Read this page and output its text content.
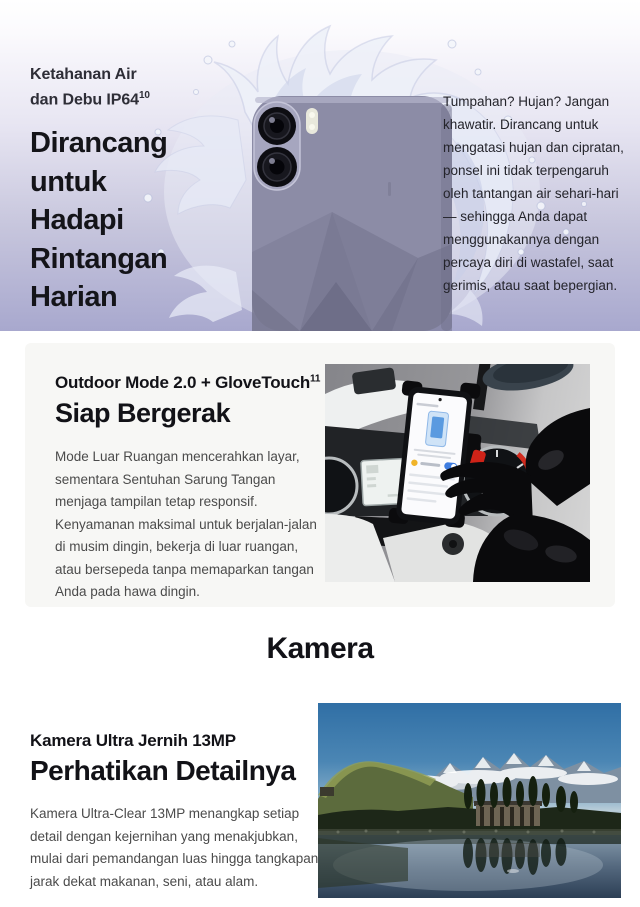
Ketahanan Air
dan Debu $IP64^{10}$
Dirancang
untuk
Hadapi
Rintangan
Harian

Tumpahan? Hujan? Jangan khawatir. Dirancang untuk mengatasi hujan dan cipratan, ponsel ini tidak terpengaruh oleh tantangan air sehari-hari — sehingga Anda dapat menggunakannya dengan percaya diri di wastafel, saat gerimis, atau saat bepergian.

Outdoor Mode 2.0 + GloveTouch$^{11}$
Siap Bergerak

Mode Luar Ruangan mencerahkan layar, sementara Sentuhan Sarung Tangan menjaga tampilan tetap responsif. Kenyamanan maksimal untuk berjalan-jalan di musim dingin, bekerja di luar ruangan, atau bersepeda tanpa memaparkan tangan Anda pada hawa dingin.

Kamera
Kamera Ultra Jernih 13MP
Perhatikan Detailnya

Kamera Ultra-Clear 13MP menangkap setiap detail dengan kejernihan yang menakjubkan, mulai dari pemandangan luas hingga tangkapan jarak dekat makanan, seni, atau alam.
